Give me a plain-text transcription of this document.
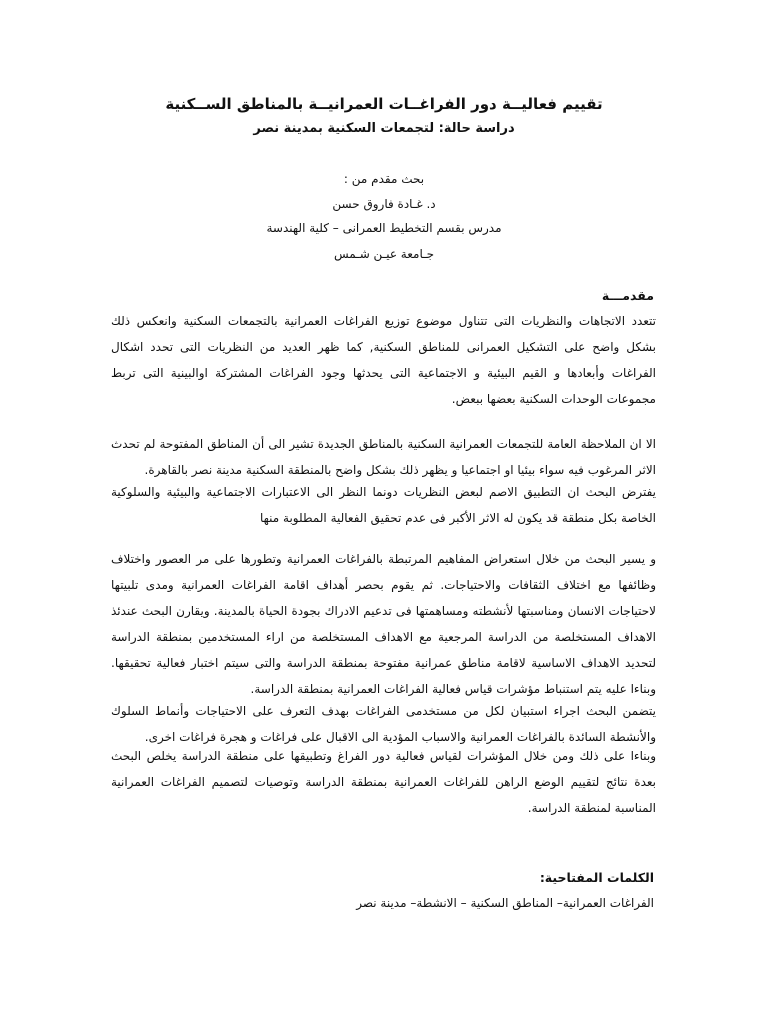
تقييم فعاليــة دور الفراغــات العمرانيــة بالمناطق الســكنية
دراسة حالة: لتجمعات السكنية بمدينة نصر
بحث مقدم من :
د. غـادة فاروق حسن
مدرس بقسم التخطيط العمرانى – كلية الهندسة
جـامعة عيـن شـمس
مقدمـــة
تتعدد الاتجاهات والنظريات التى تتناول موضوع توزيع الفراغات العمرانية بالتجمعات السكنية وانعكس ذلك بشكل واضح على التشكيل العمرانى للمناطق السكنية, كما ظهر العديد من النظريات التى تحدد اشكال الفراغات وأبعادها و القيم البيئية و الاجتماعية التى يحدثها وجود الفراغات المشتركة اوالبينية التى تربط مجموعات الوحدات السكنية بعضها ببعض.
الا ان الملاحظة العامة للتجمعات العمرانية السكنية بالمناطق الجديدة تشير الى أن المناطق المفتوحة لم تحدث الاثر المرغوب فيه سواء بيئيا او اجتماعيا و يظهر ذلك بشكل واضح بالمنطقة السكنية مدينة نصر بالقاهرة.
يفترض البحث ان التطبيق الاصم لبعض النظريات دونما النظر الى الاعتبارات الاجتماعية والبيئية والسلوكية الخاصة بكل منطقة قد يكون له الاثر الأكبر فى عدم تحقيق الفعالية المطلوبة منها
و يسير البحث من خلال استعراض المفاهيم المرتبطة بالفراغات العمرانية وتطورها على مر العصور واختلاف وظائفها مع اختلاف الثقافات والاحتياجات. ثم يقوم بحصر أهداف اقامة الفراغات العمرانية ومدى تلبيتها لاحتياجات الانسان ومناسبتها لأنشطته ومساهمتها فى تدعيم الادراك بجودة الحياة بالمدينة. ويقارن البحث عندئذ الاهداف المستخلصة من الدراسة المرجعية مع الاهداف المستخلصة من اراء المستخدمين بمنطقة الدراسة لتحديد الاهداف الاساسية لاقامة مناطق عمرانية مفتوحة بمنطقة الدراسة والتى سيتم اختبار فعالية تحقيقها. وبناءا عليه يتم استنباط مؤشرات قياس فعالية الفراغات العمرانية بمنطقة الدراسة.
يتضمن البحث اجراء استبيان لكل من مستخدمى الفراغات بهدف التعرف على الاحتياجات وأنماط السلوك والأنشطة السائدة بالفراغات العمرانية والاسباب المؤدية الى الاقبال على فراغات و هجرة فراغات اخرى.
وبناءا على ذلك ومن خلال المؤشرات لقياس فعالية دور الفراغ وتطبيقها على منطقة الدراسة يخلص البحث بعدة نتائج لتقييم الوضع الراهن للفراغات العمرانية بمنطقة الدراسة وتوصيات لتصميم الفراغات العمرانية المناسبة لمنطقة الدراسة.
الكلمات المفتاحية:
الفراغات العمرانية– المناطق السكنية – الانشطة– مدينة نصر
